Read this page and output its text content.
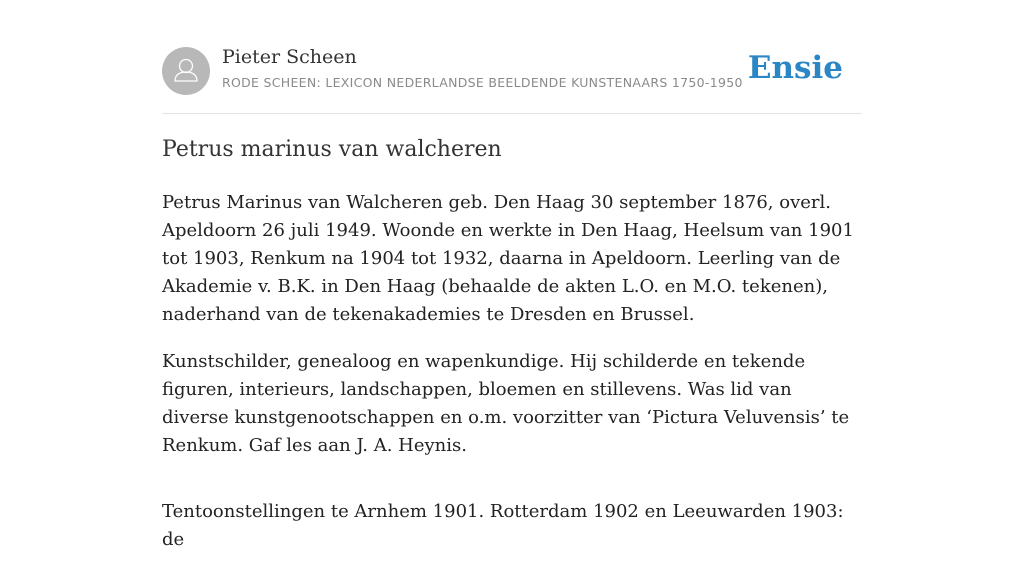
Pieter Scheen
RODE SCHEEN: LEXICON NEDERLANDSE BEELDENDE KUNSTENAARS 1750-1950 Ensie
Petrus marinus van walcheren

Petrus Marinus van Walcheren geb. Den Haag 30 september 1876, overl. Apeldoorn 26 juli 1949. Woonde en werkte in Den Haag, Heelsum van 1901 tot 1903, Renkum na 1904 tot 1932, daarna in Apeldoorn. Leerling van de Akademie v. B.K. in Den Haag (behaalde de akten L.O. en M.O. tekenen), naderhand van de tekenakademies te Dresden en Brussel.

Kunstschilder, genealoog en wapenkundige. Hij schilderde en tekende figuren, interieurs, landschappen, bloemen en stillevens. Was lid van diverse kunstgenootschappen en o.m. voorzitter van ‘Pictura Veluvensis’ te Renkum. Gaf les aan J. A. Heynis.

Tentoonstellingen te Arnhem 1901. Rotterdam 1902 en Leeuwarden 1903: de
